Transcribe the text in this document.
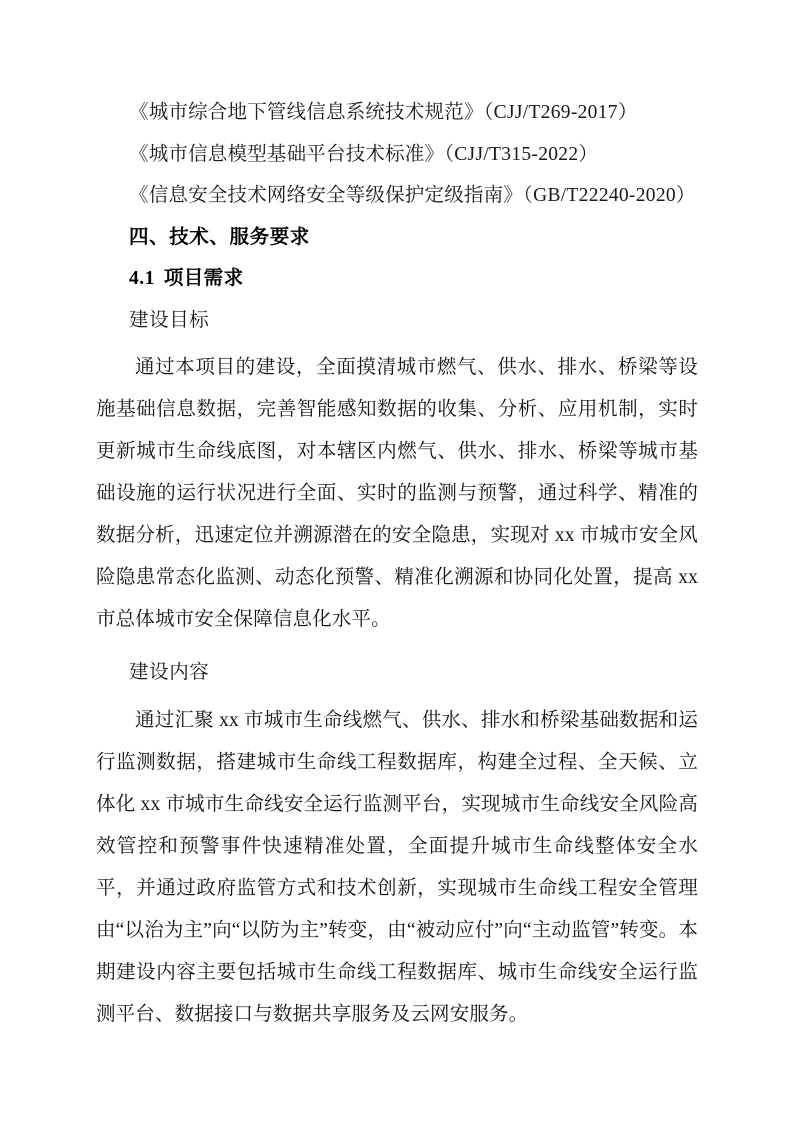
《城市综合地下管线信息系统技术规范》（CJJ/T269-2017）
《城市信息模型基础平台技术标准》（CJJ/T315-2022）
《信息安全技术网络安全等级保护定级指南》（GB/T22240-2020）
四、技术、服务要求
4.1 项目需求
建设目标

通过本项目的建设，全面摸清城市燃气、供水、排水、桥梁等设施基础信息数据，完善智能感知数据的收集、分析、应用机制，实时更新城市生命线底图，对本辖区内燃气、供水、排水、桥梁等城市基础设施的运行状况进行全面、实时的监测与预警，通过科学、精准的数据分析，迅速定位并溯源潜在的安全隐患，实现对 xx 市城市安全风险隐患常态化监测、动态化预警、精准化溯源和协同化处置，提高 xx 市总体城市安全保障信息化水平。

建设内容

通过汇聚 xx 市城市生命线燃气、供水、排水和桥梁基础数据和运行监测数据，搭建城市生命线工程数据库，构建全过程、全天候、立体化 xx 市城市生命线安全运行监测平台，实现城市生命线安全风险高效管控和预警事件快速精准处置，全面提升城市生命线整体安全水平，并通过政府监管方式和技术创新，实现城市生命线工程安全管理由“以治为主”向“以防为主”转变，由“被动应付”向“主动监管”转变。本期建设内容主要包括城市生命线工程数据库、城市生命线安全运行监测平台、数据接口与数据共享服务及云网安服务。
